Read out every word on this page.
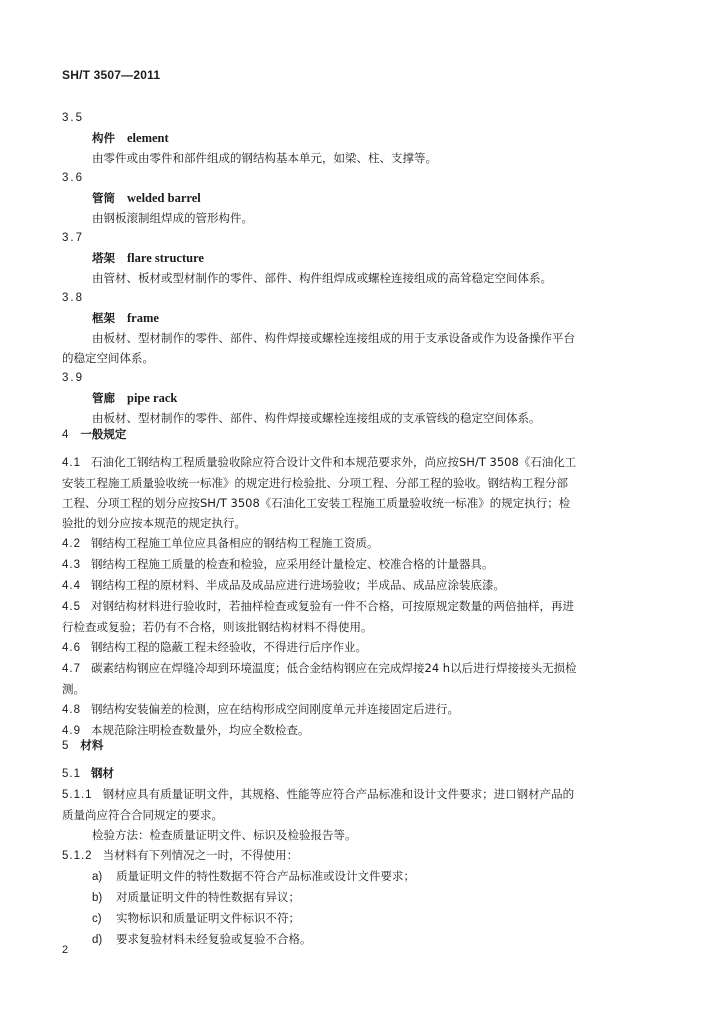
SH/T 3507—2011

3.5

构件 element

由零件或由零件和部件组成的钢结构基本单元，如梁、柱、支撑等。

3.6

管筒 welded barrel

由钢板滚制组焊成的管形构件。

3.7

塔架 flare structure

由管材、板材或型材制作的零件、部件、构件组焊成或螺栓连接组成的高耸稳定空间体系。

3.8

框架 frame

由板材、型材制作的零件、部件、构件焊接或螺栓连接组成的用于支承设备或作为设备操作平台

的稳定空间体系。

3.9

管廊 pipe rack

由板材、型材制作的零件、部件、构件焊接或螺栓连接组成的支承管线的稳定空间体系。

4 一般规定

4.1 石油化工钢结构工程质量验收除应符合设计文件和本规范要求外，尚应按SH/T 3508《石油化工

安装工程施工质量验收统一标准》的规定进行检验批、分项工程、分部工程的验收。钢结构工程分部

工程、分项工程的划分应按SH/T 3508《石油化工安装工程施工质量验收统一标准》的规定执行；检

验批的划分应按本规范的规定执行。

4.2 钢结构工程施工单位应具备相应的钢结构工程施工资质。

4.3 钢结构工程施工质量的检查和检验，应采用经计量检定、校准合格的计量器具。

4.4 钢结构工程的原材料、半成品及成品应进行进场验收；半成品、成品应涂装底漆。

4.5 对钢结构材料进行验收时，若抽样检查或复验有一件不合格，可按原规定数量的两倍抽样，再进

行检查或复验；若仍有不合格，则该批钢结构材料不得使用。

4.6 钢结构工程的隐蔽工程未经验收，不得进行后序作业。

4.7 碳素结构钢应在焊缝冷却到环境温度；低合金结构钢应在完成焊接24 h以后进行焊接接头无损检

测。

4.8 钢结构安装偏差的检测，应在结构形成空间刚度单元并连接固定后进行。

4.9 本规范除注明检查数量外，均应全数检查。

5 材料

5.1 钢材

5.1.1 钢材应具有质量证明文件，其规格、性能等应符合产品标准和设计文件要求；进口钢材产品的

质量尚应符合合同规定的要求。

检验方法：检查质量证明文件、标识及检验报告等。

5.1.2 当材料有下列情况之一时，不得使用：

a) 质量证明文件的特性数据不符合产品标准或设计文件要求；

b) 对质量证明文件的特性数据有异议；

c) 实物标识和质量证明文件标识不符；

d) 要求复验材料未经复验或复验不合格。

2
